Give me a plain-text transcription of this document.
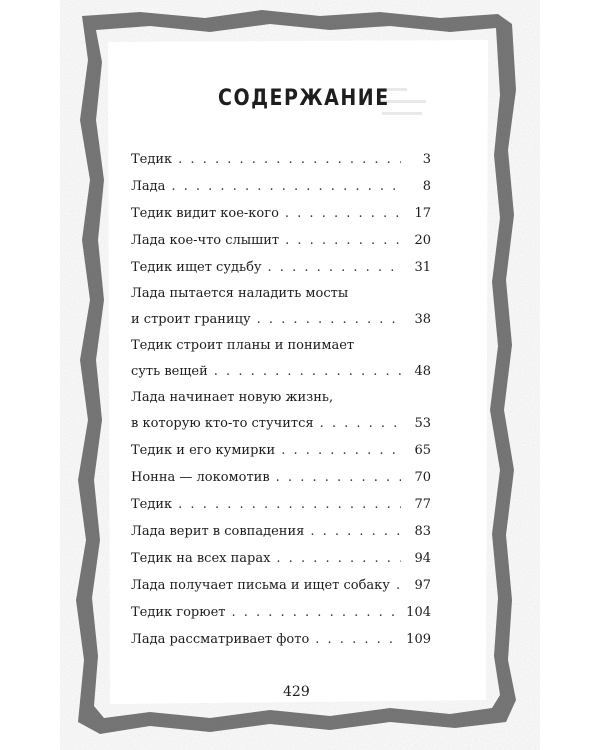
СОДЕРЖАНИЕ
Тедик . . .	3
Лада . . .	8
Тедик видит кое-кого . . .	17
Лада кое-что слышит . . .	20
Тедик ищет судьбу . . .	31
Лада пытается наладить мосты
и строит границу . . .	38
Тедик строит планы и понимает
суть вещей . . .	48
Лада начинает новую жизнь,
в которую кто-то стучится . . .	53
Тедик и его кумирки . . .	65
Нонна — локомотив . . .	70
Тедик . . .	77
Лада верит в совпадения . . .	83
Тедик на всех парах . . .	94
Лада получает письма и ищет собаку . . .	97
Тедик горюет . . .	104
Лада рассматривает фото . . .	109
429
